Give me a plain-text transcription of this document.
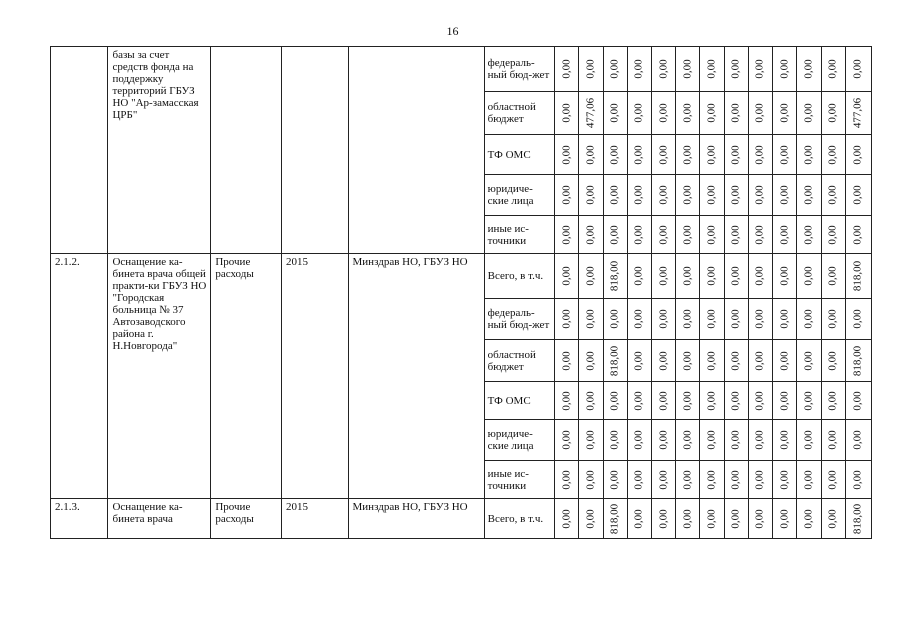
16
	базы за счет средств фонда на поддержку территорий ГБУЗ НО "Ар-замасская ЦРБ"				федераль-ный бюд-жет	0,00	0,00	0,00	0,00	0,00	0,00	0,00	0,00	0,00	0,00	0,00	0,00	0,00

					областной бюджет	0,00	477,06	0,00	0,00	0,00	0,00	0,00	0,00	0,00	0,00	0,00	0,00	477,06

					ТФ ОМС	0,00	0,00	0,00	0,00	0,00	0,00	0,00	0,00	0,00	0,00	0,00	0,00	0,00

					юридиче-ские лица	0,00	0,00	0,00	0,00	0,00	0,00	0,00	0,00	0,00	0,00	0,00	0,00	0,00

					иные ис-точники	0,00	0,00	0,00	0,00	0,00	0,00	0,00	0,00	0,00	0,00	0,00	0,00	0,00

2.1.2.	Оснащение ка-бинета врача общей практи-ки ГБУЗ НО "Городская больница № 37 Автозаводского района г. Н.Новгорода"	Прочие расходы	2015	Минздрав НО, ГБУЗ НО	Всего, в т.ч.	0,00	0,00	818,00	0,00	0,00	0,00	0,00	0,00	0,00	0,00	0,00	0,00	818,00

					федераль-ный бюд-жет	0,00	0,00	0,00	0,00	0,00	0,00	0,00	0,00	0,00	0,00	0,00	0,00	0,00

					областной бюджет	0,00	0,00	818,00	0,00	0,00	0,00	0,00	0,00	0,00	0,00	0,00	0,00	818,00

					ТФ ОМС	0,00	0,00	0,00	0,00	0,00	0,00	0,00	0,00	0,00	0,00	0,00	0,00	0,00

					юридиче-ские лица	0,00	0,00	0,00	0,00	0,00	0,00	0,00	0,00	0,00	0,00	0,00	0,00	0,00

					иные ис-точники	0,00	0,00	0,00	0,00	0,00	0,00	0,00	0,00	0,00	0,00	0,00	0,00	0,00

2.1.3.	Оснащение ка-бинета врача	Прочие расходы	2015	Минздрав НО, ГБУЗ НО	Всего, в т.ч.	0,00	0,00	818,00	0,00	0,00	0,00	0,00	0,00	0,00	0,00	0,00	0,00	818,00
